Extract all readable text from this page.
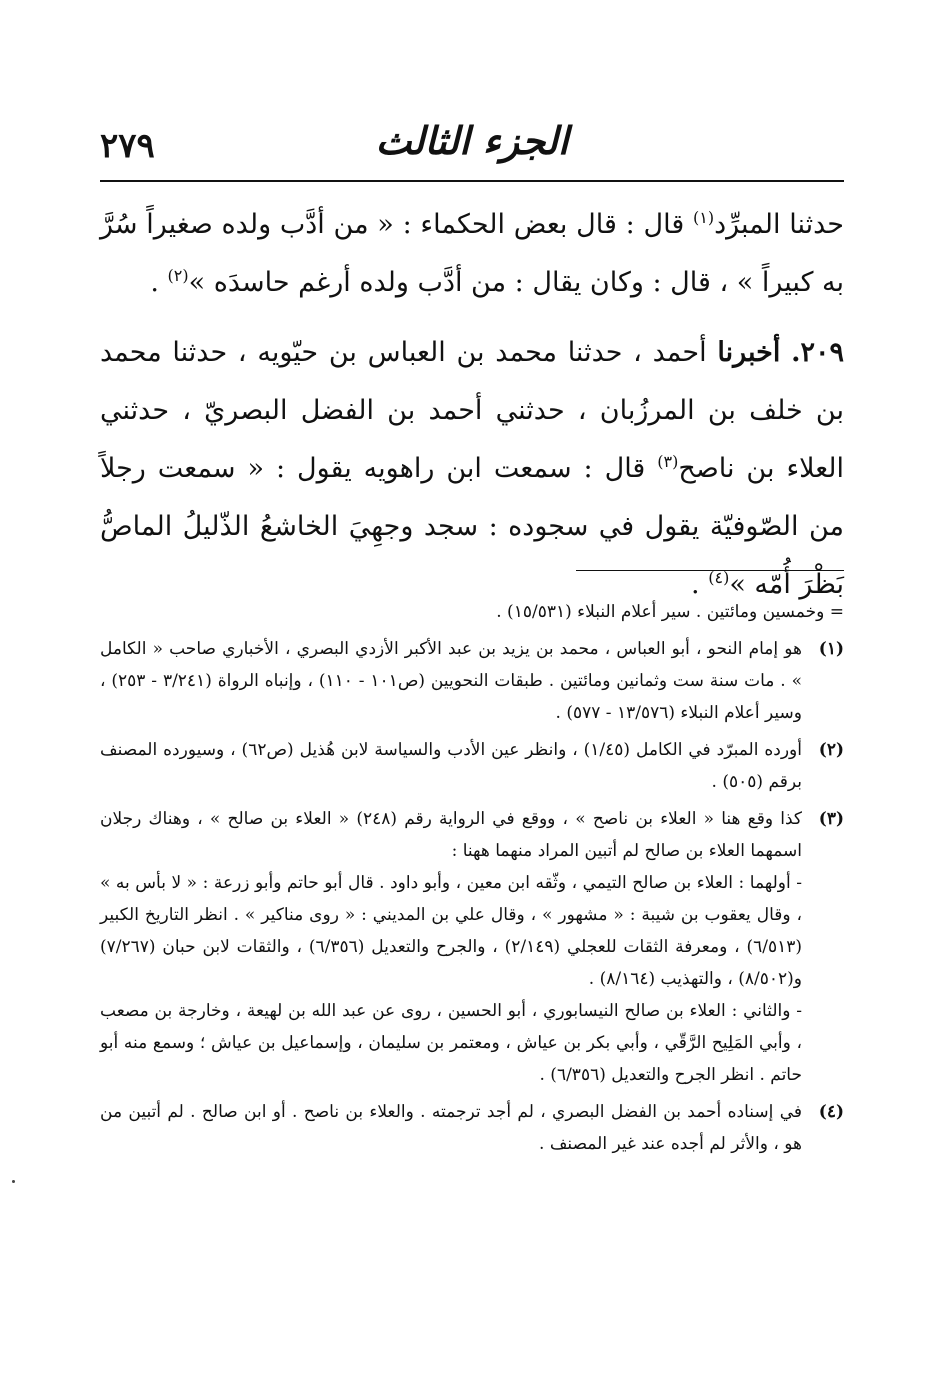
٢٧٩	الجزء الثالث

حدثنا المبرِّد$^{(١)}$ قال : قال بعض الحكماء : « من أدَّب ولده صغيراً سُرَّ به كبيراً » ، قال : وكان يقال : من أدَّب ولده أرغم حاسدَه »$^{(٢)}$ .

٢٠٩. أخبرنا أحمد ، حدثنا محمد بن العباس بن حيّويه ، حدثنا محمد بن خلف بن المرزُبان ، حدثني أحمد بن الفضل البصريّ ، حدثني العلاء بن ناصح$^{(٣)}$ قال : سمعت ابن راهويه يقول : « سمعت رجلاً من الصّوفيّة يقول في سجوده : سجد وجهِيَ الخاشعُ الذّليلُ الماصُّ بَظْرَ أُمّه »$^{(٤)}$ .

= وخمسين ومائتين . سير أعلام النبلاء (١٥/٥٣١) .

(١)
هو إمام النحو ، أبو العباس ، محمد بن يزيد بن عبد الأكبر الأزدي البصري ، الأخباري صاحب « الكامل » . مات سنة ست وثمانين ومائتين . طبقات النحويين (ص١٠١ - ١١٠) ، وإنباه الرواة (٣/٢٤١ - ٢٥٣) ، وسير أعلام النبلاء (١٣/٥٧٦ - ٥٧٧) .
(٢)
أورده المبرّد في الكامل (١/٤٥) ، وانظر عين الأدب والسياسة لابن هُذيل (ص٦٢) ، وسيورده المصنف برقم (٥٠٥) .
(٣)
كذا وقع هنا « العلاء بن ناصح » ، ووقع في الرواية رقم (٢٤٨) « العلاء بن صالح » ، وهناك رجلان اسمهما العلاء بن صالح لم أتبين المراد منهما ههنا :

- أولهما : العلاء بن صالح التيمي ، وثّقه ابن معين ، وأبو داود . قال أبو حاتم وأبو زرعة : « لا بأس به » ، وقال يعقوب بن شيبة : « مشهور » ، وقال علي بن المديني : « روى مناكير » . انظر التاريخ الكبير (٦/٥١٣) ، ومعرفة الثقات للعجلي (٢/١٤٩) ، والجرح والتعديل (٦/٣٥٦) ، والثقات لابن حبان (٧/٢٦٧) و(٨/٥٠٢) ، والتهذيب (٨/١٦٤) .

- والثاني : العلاء بن صالح النيسابوري ، أبو الحسين ، روى عن عبد الله بن لهيعة ، وخارجة بن مصعب ، وأبي المَلِيح الرَّقّي ، وأبي بكر بن عياش ، ومعتمر بن سليمان ، وإسماعيل بن عياش ؛ وسمع منه أبو حاتم . انظر الجرح والتعديل (٦/٣٥٦) .

(٤)
في إسناده أحمد بن الفضل البصري ، لم أجد ترجمته . والعلاء بن ناصح . أو ابن صالح . لم أتبين من هو ، والأثر لم أجده عند غير المصنف .
